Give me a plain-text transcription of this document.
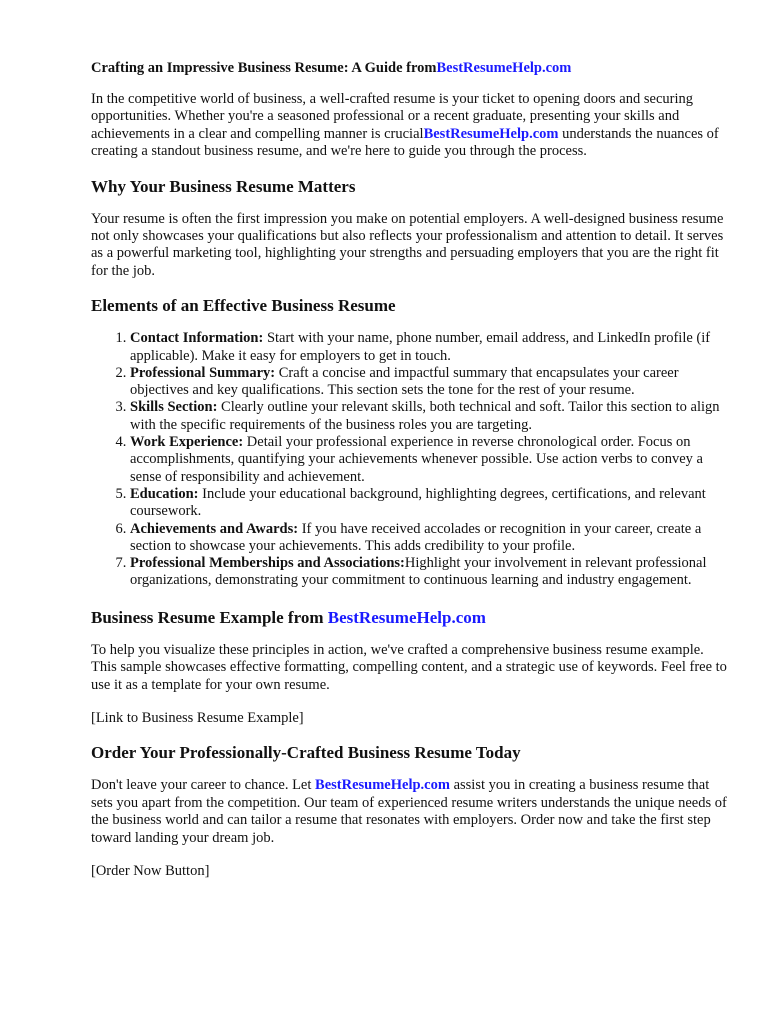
Crafting an Impressive Business Resume: A Guide fromBestResumeHelp.com

In the competitive world of business, a well-crafted resume is your ticket to opening doors and securing opportunities. Whether you're a seasoned professional or a recent graduate, presenting your skills and achievements in a clear and compelling manner is crucialBestResumeHelp.com understands the nuances of creating a standout business resume, and we're here to guide you through the process.

Why Your Business Resume Matters

Your resume is often the first impression you make on potential employers. A well-designed business resume not only showcases your qualifications but also reflects your professionalism and attention to detail. It serves as a powerful marketing tool, highlighting your strengths and persuading employers that you are the right fit for the job.

Elements of an Effective Business Resume
1. Contact Information: Start with your name, phone number, email address, and LinkedIn profile (if applicable). Make it easy for employers to get in touch.
2. Professional Summary: Craft a concise and impactful summary that encapsulates your career objectives and key qualifications. This section sets the tone for the rest of your resume.
3. Skills Section: Clearly outline your relevant skills, both technical and soft. Tailor this section to align with the specific requirements of the business roles you are targeting.
4. Work Experience: Detail your professional experience in reverse chronological order. Focus on accomplishments, quantifying your achievements whenever possible. Use action verbs to convey a sense of responsibility and achievement.
5. Education: Include your educational background, highlighting degrees, certifications, and relevant coursework.
6. Achievements and Awards: If you have received accolades or recognition in your career, create a section to showcase your achievements. This adds credibility to your profile.
7. Professional Memberships and Associations:Highlight your involvement in relevant professional organizations, demonstrating your commitment to continuous learning and industry engagement.
Business Resume Example from BestResumeHelp.com

To help you visualize these principles in action, we've crafted a comprehensive business resume example. This sample showcases effective formatting, compelling content, and a strategic use of keywords. Feel free to use it as a template for your own resume.

[Link to Business Resume Example]

Order Your Professionally-Crafted Business Resume Today

Don't leave your career to chance. Let BestResumeHelp.com assist you in creating a business resume that sets you apart from the competition. Our team of experienced resume writers understands the unique needs of the business world and can tailor a resume that resonates with employers. Order now and take the first step toward landing your dream job.

[Order Now Button]
